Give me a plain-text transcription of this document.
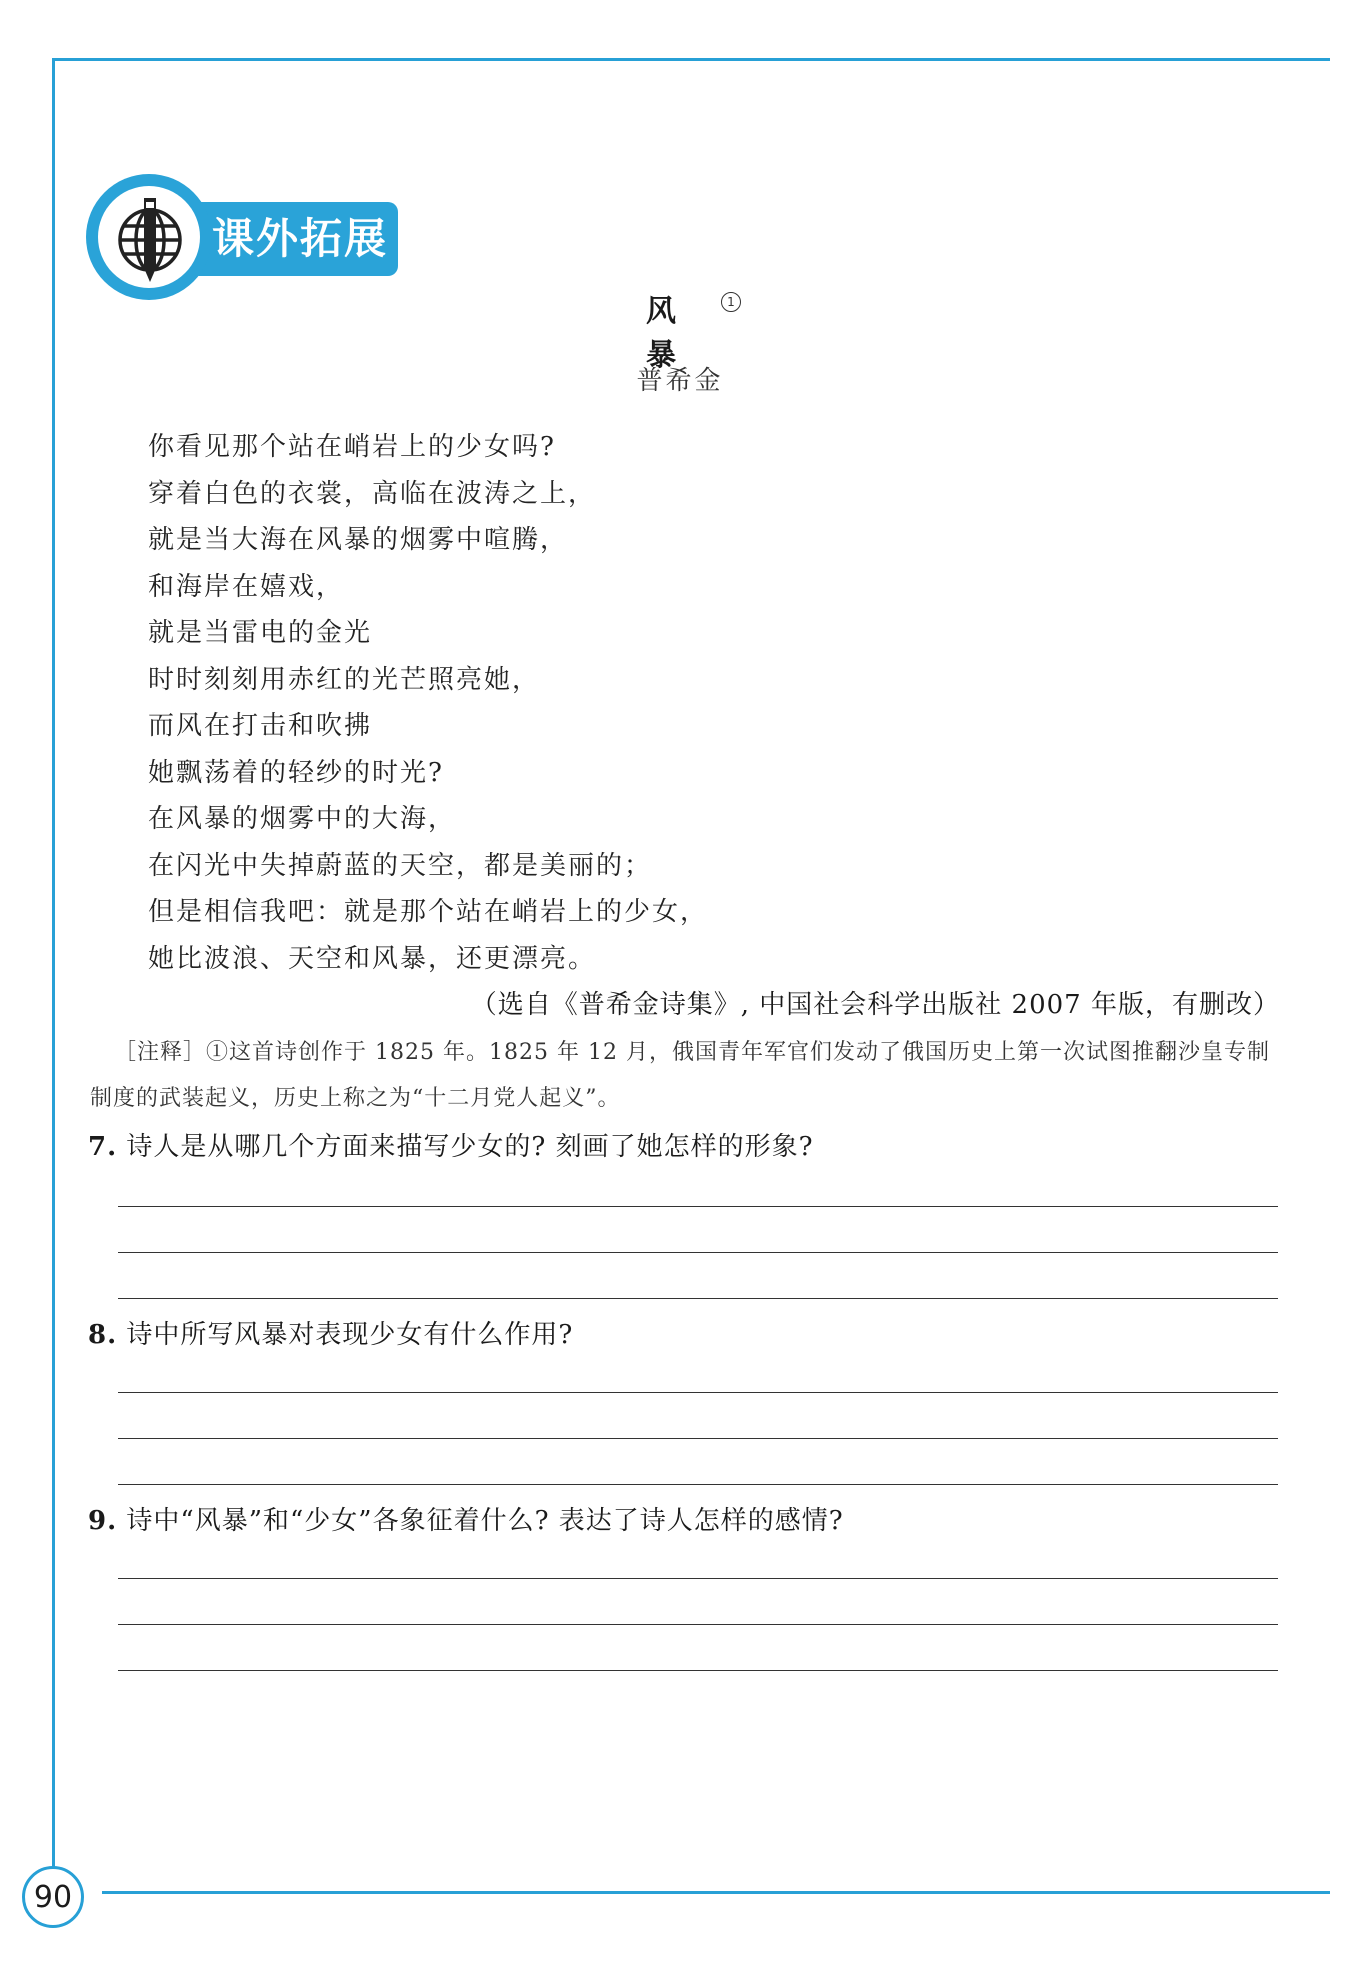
课外拓展
风 暴
1
普希金
你看见那个站在峭岩上的少女吗?
穿着白色的衣裳，高临在波涛之上，
就是当大海在风暴的烟雾中喧腾，
和海岸在嬉戏，
就是当雷电的金光
时时刻刻用赤红的光芒照亮她，
而风在打击和吹拂
她飘荡着的轻纱的时光?
在风暴的烟雾中的大海，
在闪光中失掉蔚蓝的天空，都是美丽的；
但是相信我吧：就是那个站在峭岩上的少女，
她比波浪、天空和风暴，还更漂亮。
（选自《普希金诗集》, 中国社会科学出版社 2007 年版，有删改）
［注释］①这首诗创作于 1825 年。1825 年 12 月，俄国青年军官们发动了俄国历史上第一次试图推翻沙皇专制制度的武装起义，历史上称之为“十二月党人起义”。
7. 诗人是从哪几个方面来描写少女的? 刻画了她怎样的形象?
8. 诗中所写风暴对表现少女有什么作用?
9. 诗中“风暴”和“少女”各象征着什么? 表达了诗人怎样的感情?
90
